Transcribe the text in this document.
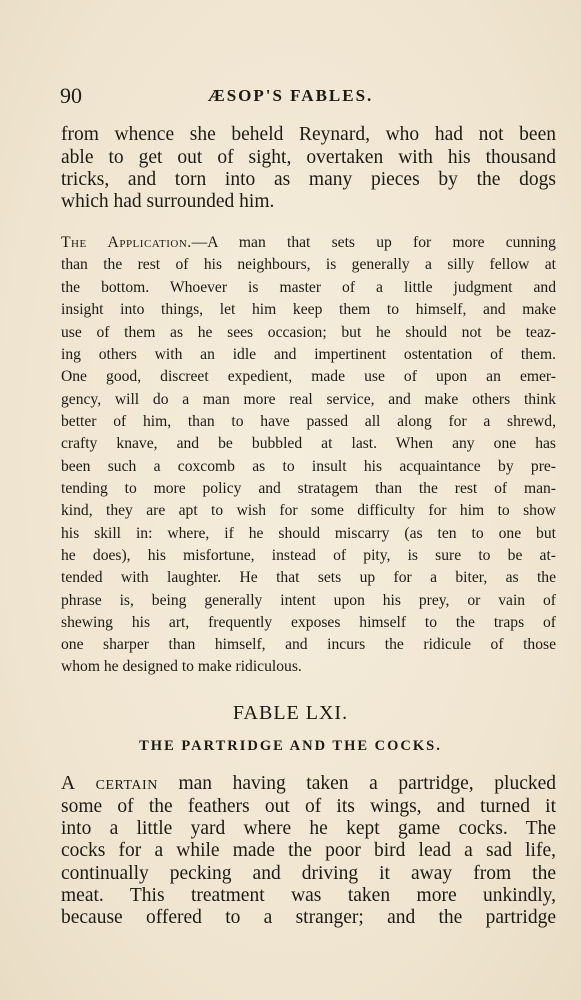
90	ÆSOP'S FABLES.
from whence she beheld Reynard, who had not been
able to get out of sight, overtaken with his thousand
tricks, and torn into as many pieces by the dogs
which had surrounded him.
The Application.—A man that sets up for more cunning
than the rest of his neighbours, is generally a silly fellow at
the bottom. Whoever is master of a little judgment and
insight into things, let him keep them to himself, and make
use of them as he sees occasion; but he should not be teaz-
ing others with an idle and impertinent ostentation of them.
One good, discreet expedient, made use of upon an emer-
gency, will do a man more real service, and make others think
better of him, than to have passed all along for a shrewd,
crafty knave, and be bubbled at last. When any one has
been such a coxcomb as to insult his acquaintance by pre-
tending to more policy and stratagem than the rest of man-
kind, they are apt to wish for some difficulty for him to show
his skill in: where, if he should miscarry (as ten to one but
he does), his misfortune, instead of pity, is sure to be at-
tended with laughter. He that sets up for a biter, as the
phrase is, being generally intent upon his prey, or vain of
shewing his art, frequently exposes himself to the traps of
one sharper than himself, and incurs the ridicule of those
whom he designed to make ridiculous.
FABLE LXI.
THE PARTRIDGE AND THE COCKS.
A certain man having taken a partridge, plucked
some of the feathers out of its wings, and turned it
into a little yard where he kept game cocks. The
cocks for a while made the poor bird lead a sad life,
continually pecking and driving it away from the
meat. This treatment was taken more unkindly,
because offered to a stranger; and the partridge
